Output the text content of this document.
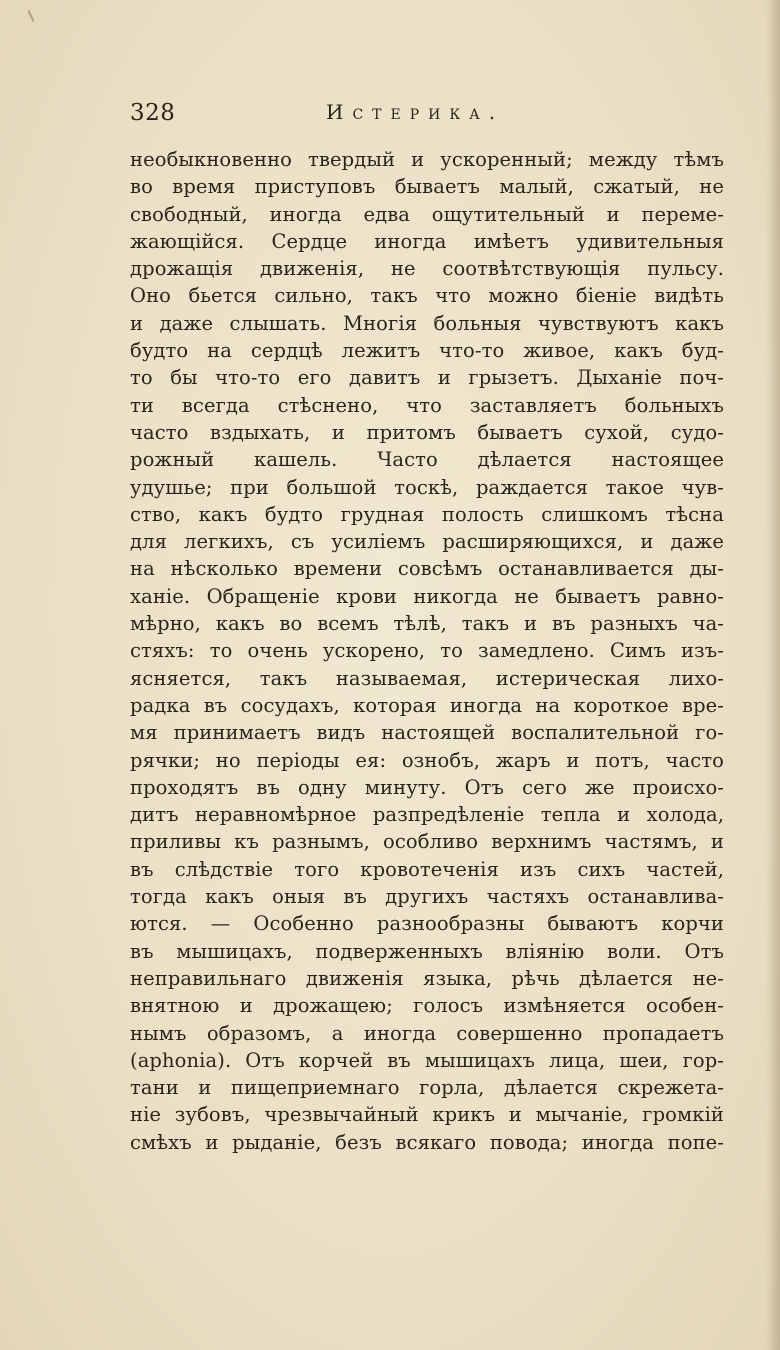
328	Истерика.
необыкновенно твердый и ускоренный; между тѣмъ
во время приступовъ бываетъ малый, сжатый, не
свободный, иногда едва ощутительный и переме-
жающійся. Сердце иногда имѣетъ удивительныя
дрожащія движенія, не соотвѣтствующія пульсу.
Оно бьется сильно, такъ что можно біеніе видѣть
и даже слышать. Многія больныя чувствуютъ какъ
будто на сердцѣ лежитъ что-то живое, какъ буд-
то бы что-то его давитъ и грызетъ. Дыханіе поч-
ти всегда стѣснено, что заставляетъ больныхъ
часто вздыхать, и притомъ бываетъ сухой, судо-
рожный кашель. Часто дѣлается настоящее
удушье; при большой тоскѣ, раждается такое чув-
ство, какъ будто грудная полость слишкомъ тѣсна
для легкихъ, съ усиліемъ расширяющихся, и даже
на нѣсколько времени совсѣмъ останавливается ды-
ханіе. Обращеніе крови никогда не бываетъ равно-
мѣрно, какъ во всемъ тѣлѣ, такъ и въ разныхъ ча-
стяхъ: то очень ускорено, то замедлено. Симъ изъ-
ясняется, такъ называемая, истерическая лихо-
радка въ сосудахъ, которая иногда на короткое вре-
мя принимаетъ видъ настоящей воспалительной го-
рячки; но періоды ея: ознобъ, жаръ и потъ, часто
проходятъ въ одну минуту. Отъ сего же происхо-
дитъ неравномѣрное разпредѣленіе тепла и холода,
приливы къ разнымъ, особливо верхнимъ частямъ, и
въ слѣдствіе того кровотеченія изъ сихъ частей,
тогда какъ оныя въ другихъ частяхъ останавлива-
ются. — Особенно разнообразны бываютъ корчи
въ мышицахъ, подверженныхъ вліянію воли. Отъ
неправильнаго движенія языка, рѣчь дѣлается не-
внятною и дрожащею; голосъ измѣняется особен-
нымъ образомъ, а иногда совершенно пропадаетъ
(aphonia). Отъ корчей въ мышицахъ лица, шеи, гор-
тани и пищеприемнаго горла, дѣлается скрежета-
ніе зубовъ, чрезвычайный крикъ и мычаніе, громкій
смѣхъ и рыданіе, безъ всякаго повода; иногда попе-
